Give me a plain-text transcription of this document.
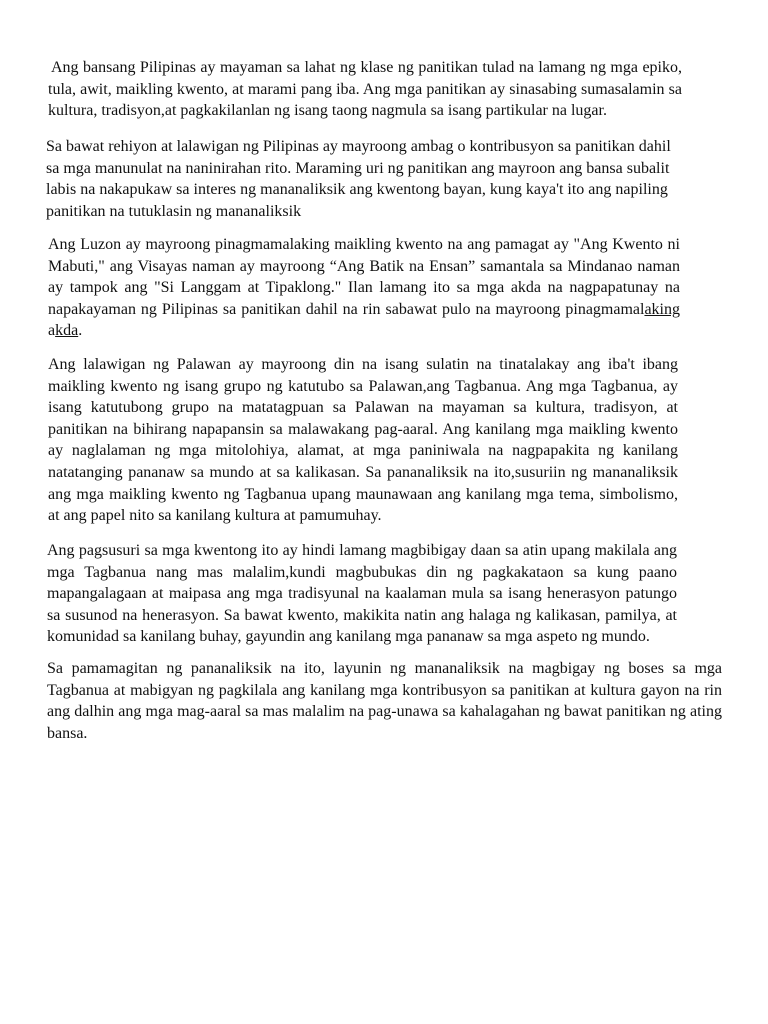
Ang bansang Pilipinas ay mayaman sa lahat ng klase ng panitikan tulad na lamang ng mga epiko, tula, awit, maikling kwento, at marami pang iba. Ang mga panitikan ay sinasabing sumasalamin sa kultura, tradisyon,at pagkakilanlan ng isang taong nagmula sa isang partikular na lugar.

Sa bawat rehiyon at lalawigan ng Pilipinas ay mayroong ambag o kontribusyon sa panitikan dahil sa mga manunulat na naninirahan rito. Maraming uri ng panitikan ang mayroon ang bansa subalit labis na nakapukaw sa interes ng mananaliksik ang kwentong bayan, kung kaya't ito ang napiling panitikan na tutuklasin ng mananaliksik

Ang Luzon ay mayroong pinagmamalaking maikling kwento na ang pamagat ay "Ang Kwento ni Mabuti," ang Visayas naman ay mayroong “Ang Batik na Ensan” samantala sa Mindanao naman ay tampok ang "Si Langgam at Tipaklong." Ilan lamang ito sa mga akda na nagpapatunay na napakayaman ng Pilipinas sa panitikan dahil na rin sabawat pulo na mayroong pinagmamalaking akda.

Ang lalawigan ng Palawan ay mayroong din na isang sulatin na tinatalakay ang iba't ibang maikling kwento ng isang grupo ng katutubo sa Palawan,ang Tagbanua. Ang mga Tagbanua, ay isang katutubong grupo na matatagpuan sa Palawan na mayaman sa kultura, tradisyon, at panitikan na bihirang napapansin sa malawakang pag-aaral. Ang kanilang mga maikling kwento ay naglalaman ng mga mitolohiya, alamat, at mga paniniwala na nagpapakita ng kanilang natatanging pananaw sa mundo at sa kalikasan. Sa pananaliksik na ito,susuriin ng mananaliksik ang mga maikling kwento ng Tagbanua upang maunawaan ang kanilang mga tema, simbolismo, at ang papel nito sa kanilang kultura at pamumuhay.

Ang pagsusuri sa mga kwentong ito ay hindi lamang magbibigay daan sa atin upang makilala ang mga Tagbanua nang mas malalim,kundi magbubukas din ng pagkakataon sa kung paano mapangalagaan at maipasa ang mga tradisyunal na kaalaman mula sa isang henerasyon patungo sa susunod na henerasyon. Sa bawat kwento, makikita natin ang halaga ng kalikasan, pamilya, at komunidad sa kanilang buhay, gayundin ang kanilang mga pananaw sa mga aspeto ng mundo.

Sa pamamagitan ng pananaliksik na ito, layunin ng mananaliksik na magbigay ng boses sa mga Tagbanua at mabigyan ng pagkilala ang kanilang mga kontribusyon sa panitikan at kultura gayon na rin ang dalhin ang mga mag-aaral sa mas malalim na pag-unawa sa kahalagahan ng bawat panitikan ng ating bansa.
